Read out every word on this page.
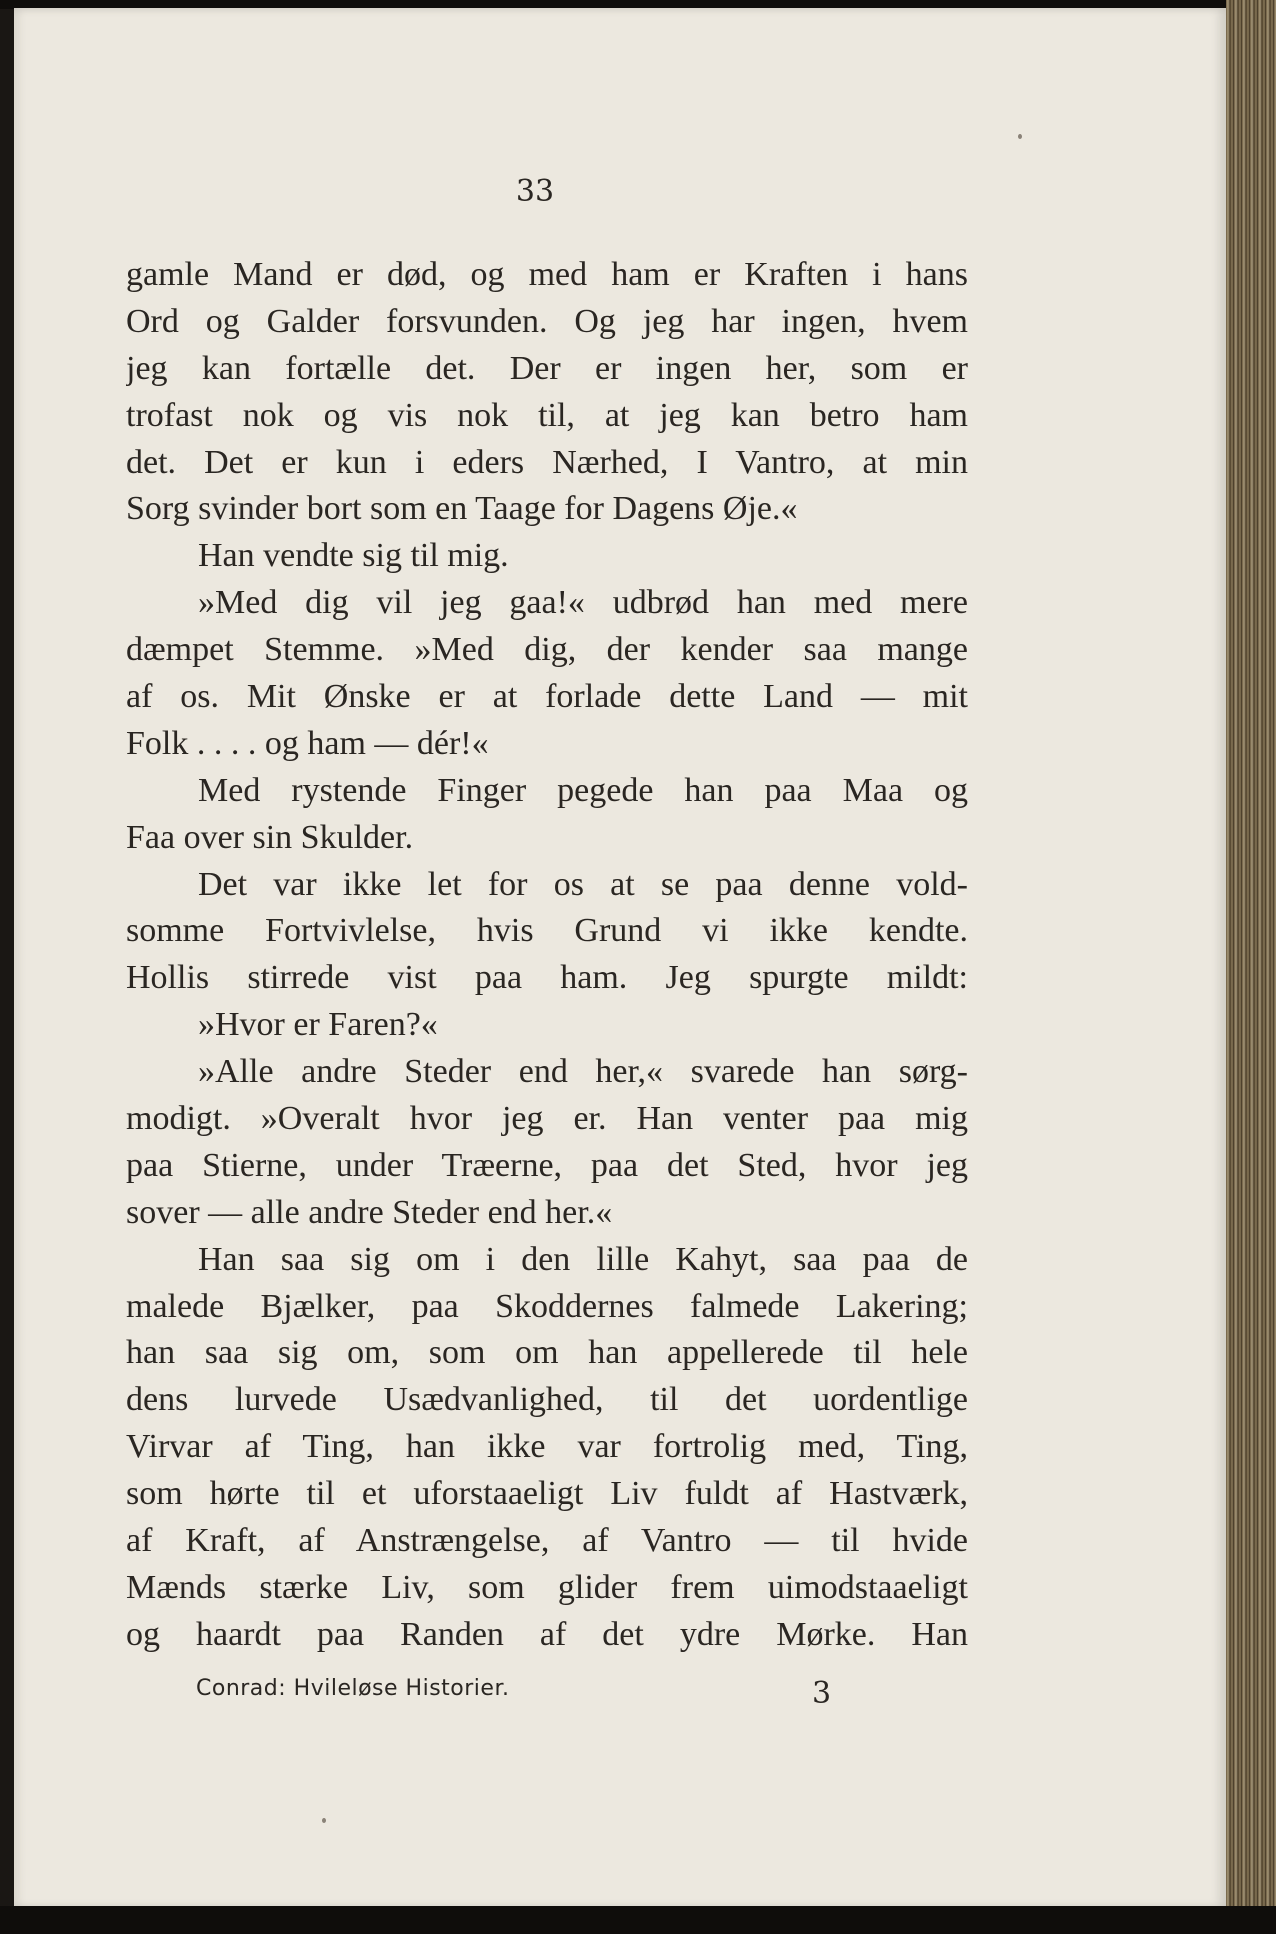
33
gamle Mand er død, og med ham er Kraften i hans
Ord og Galder forsvunden. Og jeg har ingen, hvem
jeg kan fortælle det. Der er ingen her, som er
trofast nok og vis nok til, at jeg kan betro ham
det. Det er kun i eders Nærhed, I Vantro, at min
Sorg svinder bort som en Taage for Dagens Øje.«
Han vendte sig til mig.
»Med dig vil jeg gaa!« udbrød han med mere
dæmpet Stemme. »Med dig, der kender saa mange
af os. Mit Ønske er at forlade dette Land — mit
Folk . . . . og ham — dér!«
Med rystende Finger pegede han paa Maa og
Faa over sin Skulder.
Det var ikke let for os at se paa denne vold-
somme Fortvivlelse, hvis Grund vi ikke kendte.
Hollis stirrede vist paa ham. Jeg spurgte mildt:
»Hvor er Faren?«
»Alle andre Steder end her,« svarede han sørg-
modigt. »Overalt hvor jeg er. Han venter paa mig
paa Stierne, under Træerne, paa det Sted, hvor jeg
sover — alle andre Steder end her.«
Han saa sig om i den lille Kahyt, saa paa de
malede Bjælker, paa Skoddernes falmede Lakering;
han saa sig om, som om han appellerede til hele
dens lurvede Usædvanlighed, til det uordentlige
Virvar af Ting, han ikke var fortrolig med, Ting,
som hørte til et uforstaaeligt Liv fuldt af Hastværk,
af Kraft, af Anstrængelse, af Vantro — til hvide
Mænds stærke Liv, som glider frem uimodstaaeligt
og haardt paa Randen af det ydre Mørke. Han
Conrad: Hvileløse Historier.	3
